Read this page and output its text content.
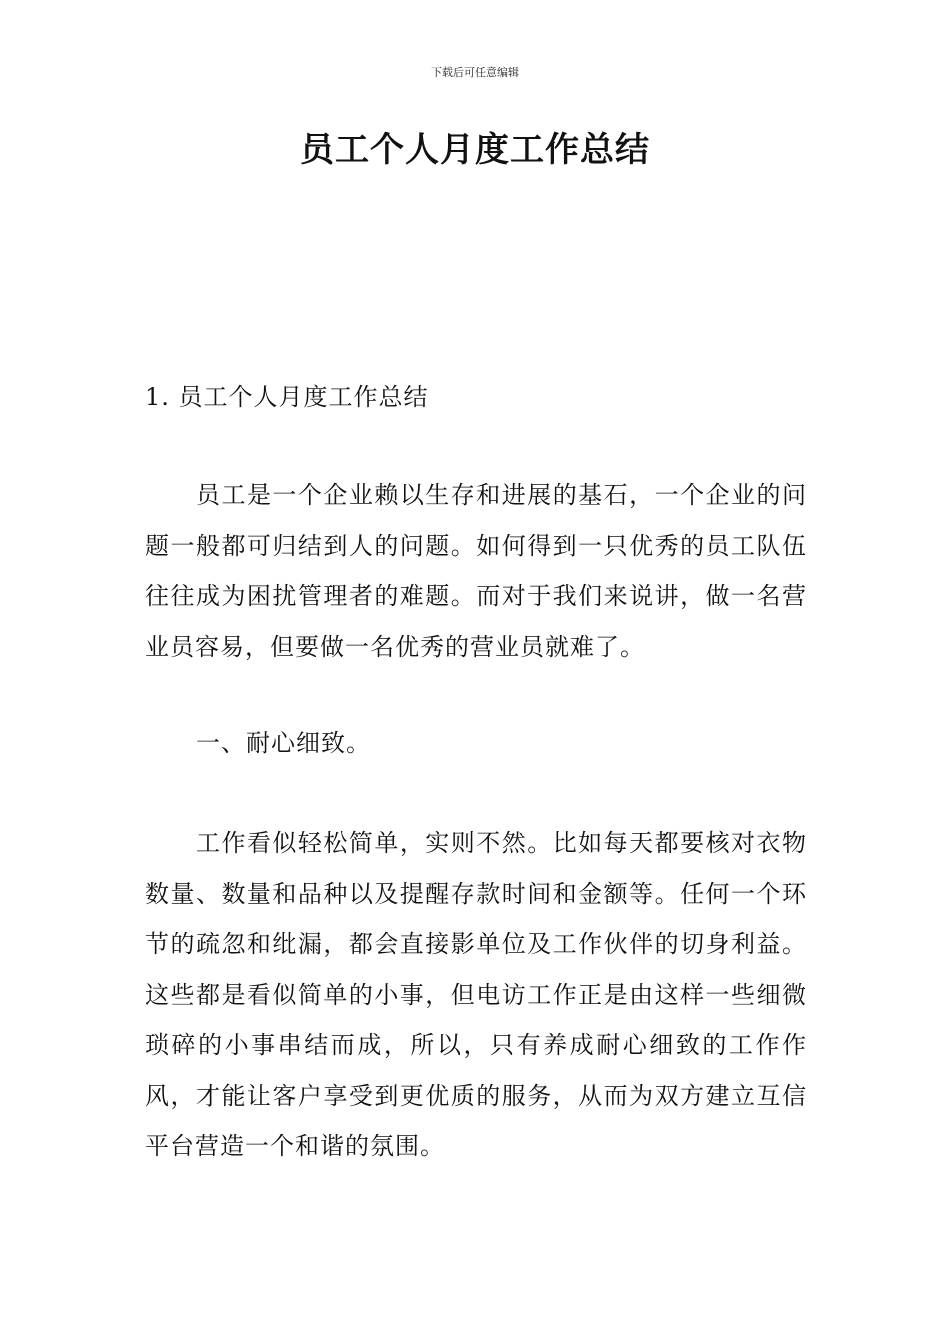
下载后可任意编辑
员工个人月度工作总结

1. 员工个人月度工作总结

员工是一个企业赖以生存和进展的基石，一个企业的问题一般都可归结到人的问题。如何得到一只优秀的员工队伍往往成为困扰管理者的难题。而对于我们来说讲，做一名营业员容易，但要做一名优秀的营业员就难了。

一、耐心细致。

工作看似轻松简单，实则不然。比如每天都要核对衣物数量、数量和品种以及提醒存款时间和金额等。任何一个环节的疏忽和纰漏，都会直接影单位及工作伙伴的切身利益。这些都是看似简单的小事，但电访工作正是由这样一些细微琐碎的小事串结而成，所以，只有养成耐心细致的工作作风，才能让客户享受到更优质的服务，从而为双方建立互信平台营造一个和谐的氛围。
